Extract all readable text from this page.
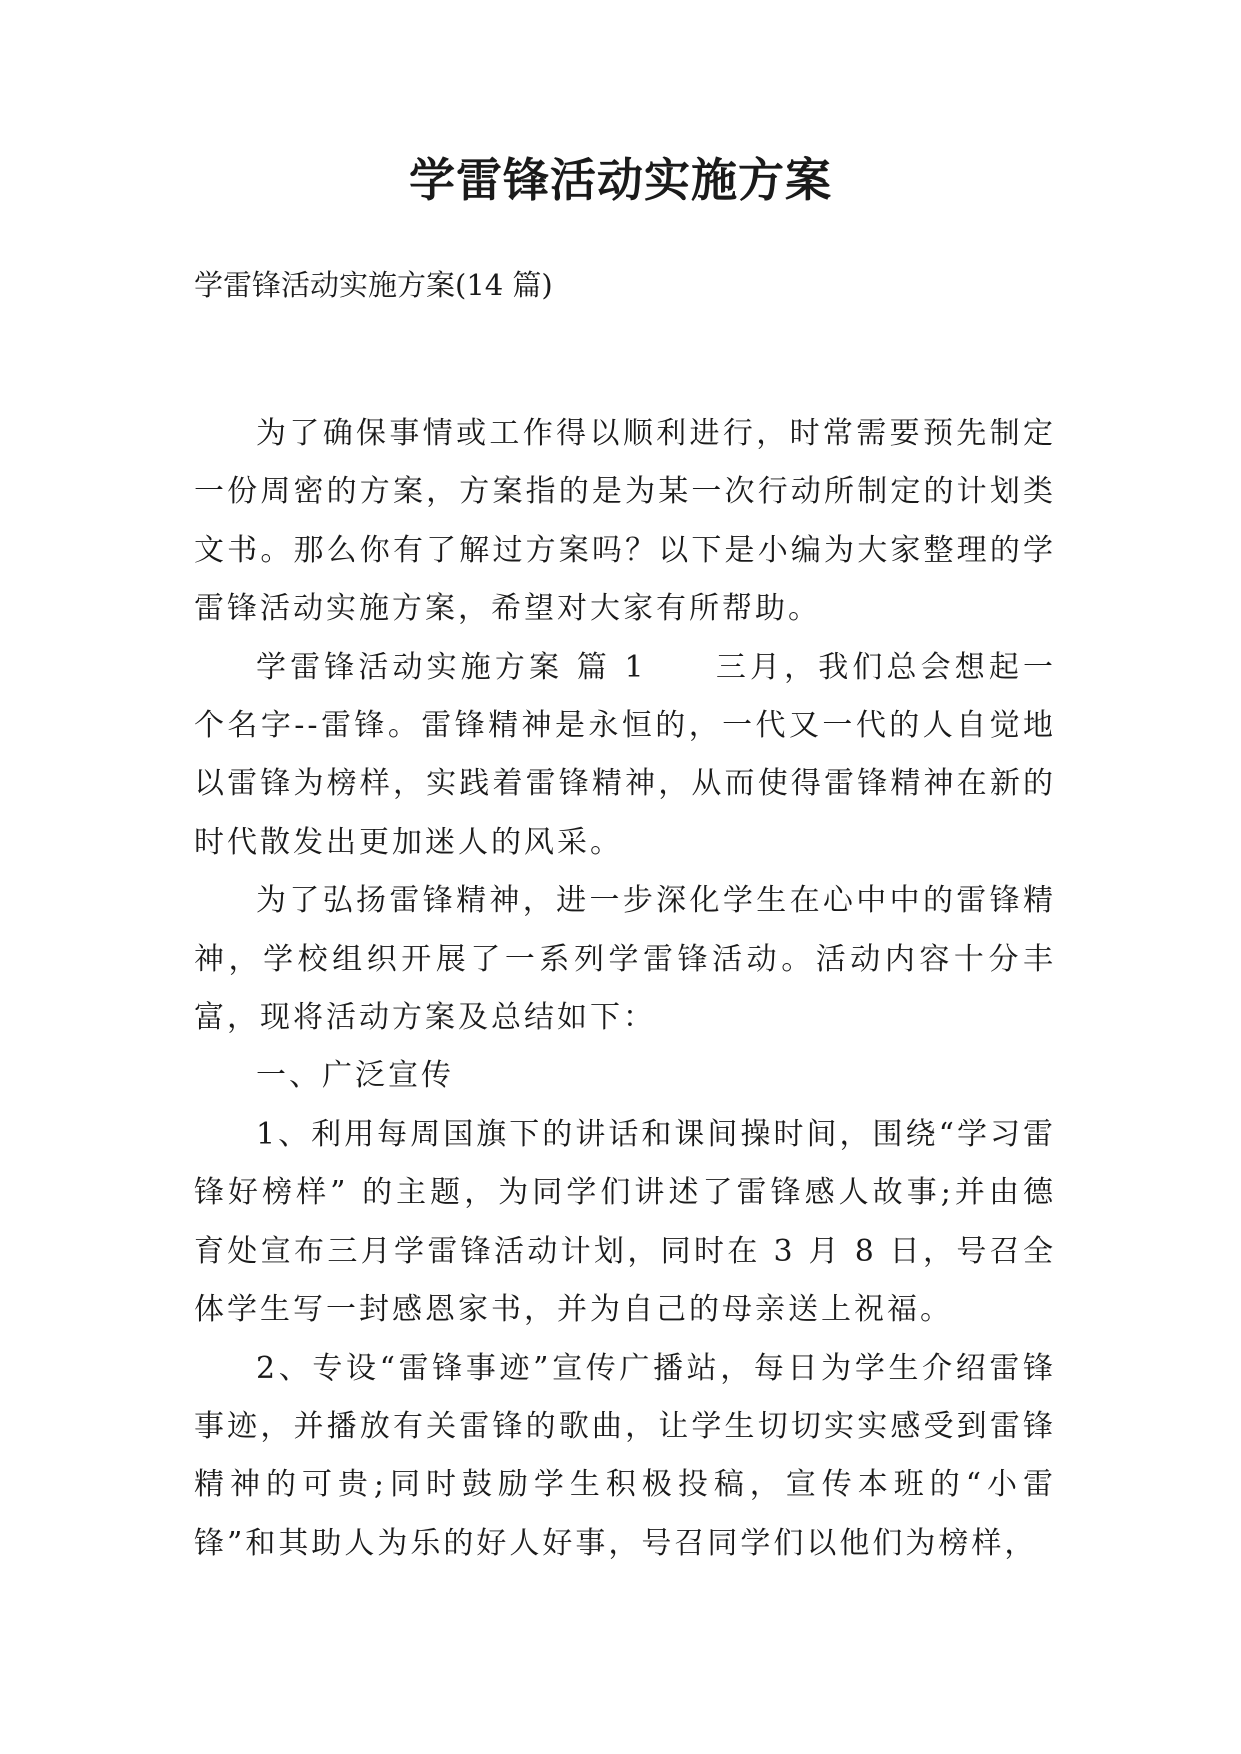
学雷锋活动实施方案

学雷锋活动实施方案(14 篇)

为了确保事情或工作得以顺利进行，时常需要预先制定一份周密的方案，方案指的是为某一次行动所制定的计划类文书。那么你有了解过方案吗？以下是小编为大家整理的学雷锋活动实施方案，希望对大家有所帮助。

学雷锋活动实施方案 篇 1　　三月，我们总会想起一个名字--雷锋。雷锋精神是永恒的，一代又一代的人自觉地以雷锋为榜样，实践着雷锋精神，从而使得雷锋精神在新的时代散发出更加迷人的风采。

为了弘扬雷锋精神，进一步深化学生在心中中的雷锋精神，学校组织开展了一系列学雷锋活动。活动内容十分丰富，现将活动方案及总结如下：

一、广泛宣传

1、利用每周国旗下的讲话和课间操时间，围绕“学习雷锋好榜样” 的主题，为同学们讲述了雷锋感人故事;并由德育处宣布三月学雷锋活动计划，同时在 3 月 8 日，号召全体学生写一封感恩家书，并为自己的母亲送上祝福。

2、专设“雷锋事迹”宣传广播站，每日为学生介绍雷锋事迹，并播放有关雷锋的歌曲，让学生切切实实感受到雷锋精神的可贵;同时鼓励学生积极投稿，宣传本班的“小雷锋”和其助人为乐的好人好事，号召同学们以他们为榜样，
